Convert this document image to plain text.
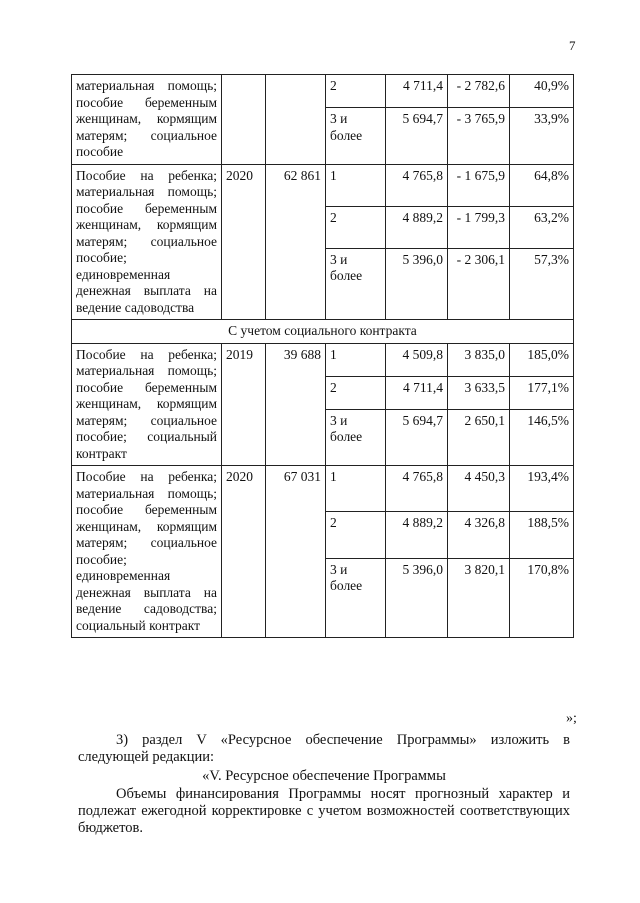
7
материальная помощь; пособие беременным женщинам, кормящим матерям; социальное пособие			2	4 711,4	- 2 782,6	40,9%
			3 и более	5 694,7	- 3 765,9	33,9%
Пособие на ребенка; материальная помощь; пособие беременным женщинам, кормящим матерям; социальное пособие; единовременная денежная выплата на ведение садоводства	2020	62 861	1	4 765,8	- 1 675,9	64,8%
			2	4 889,2	- 1 799,3	63,2%
			3 и более	5 396,0	- 2 306,1	57,3%
С учетом социального контракта						
Пособие на ребенка; материальная помощь; пособие беременным женщинам, кормящим матерям; социальное пособие; социальный контракт	2019	39 688	1	4 509,8	3 835,0	185,0%
			2	4 711,4	3 633,5	177,1%
			3 и более	5 694,7	2 650,1	146,5%
Пособие на ребенка; материальная помощь; пособие беременным женщинам, кормящим матерям; социальное пособие; единовременная денежная выплата на ведение садоводства; социальный контракт	2020	67 031	1	4 765,8	4 450,3	193,4%
			2	4 889,2	4 326,8	188,5%
			3 и более	5 396,0	3 820,1	170,8%
»;
3) раздел V «Ресурсное обеспечение Программы» изложить в следующей редакции:
«V. Ресурсное обеспечение Программы
Объемы финансирования Программы носят прогнозный характер и подлежат ежегодной корректировке с учетом возможностей соответствующих бюджетов.
